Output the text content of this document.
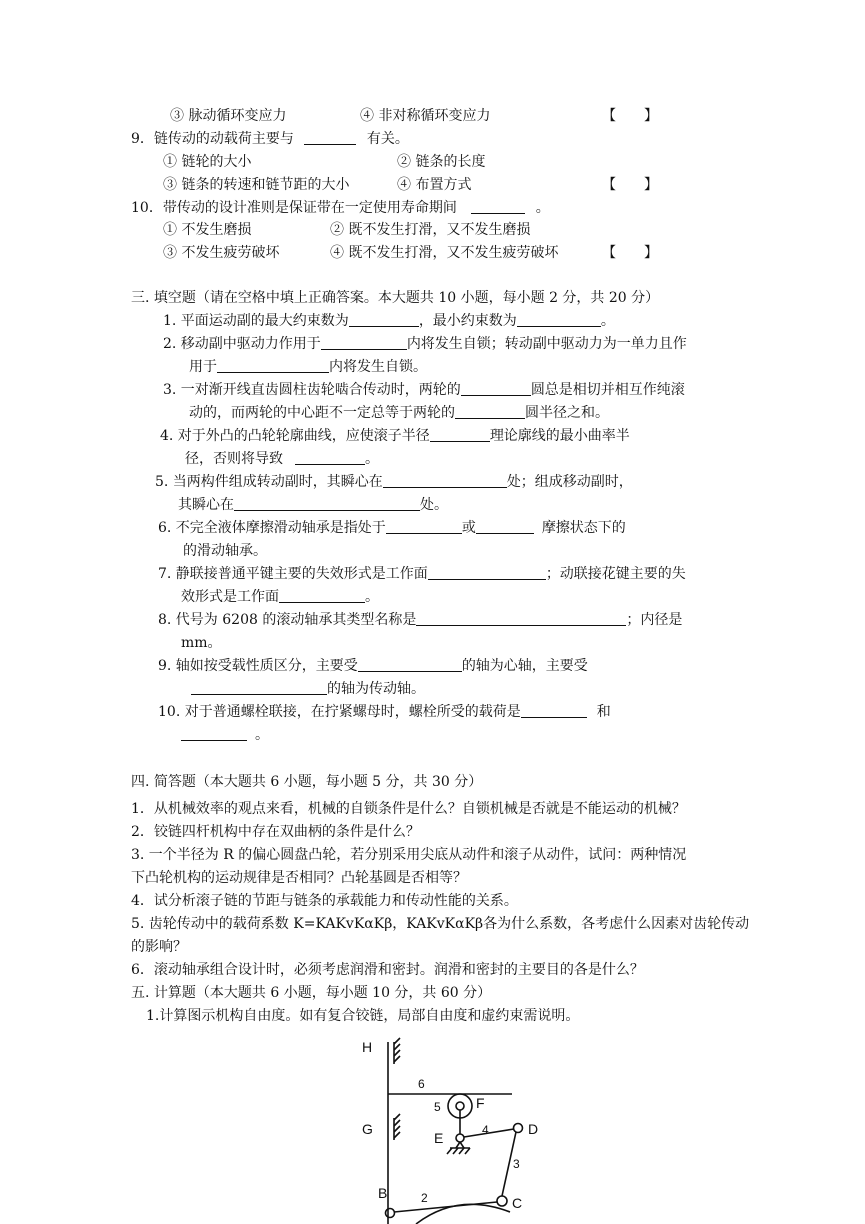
③ 脉动循环变应力	④ 非对称循环变应力	【　　】
9．链传动的动载荷主要与	有关。
① 链轮的大小	② 链条的长度
③ 链条的转速和链节距的大小	④ 布置方式	【　　】
10．带传动的设计准则是保证带在一定使用寿命期间	。
① 不发生磨损	② 既不发生打滑，又不发生磨损
③ 不发生疲劳破坏	④ 既不发生打滑，又不发生疲劳破坏	【　　】
三. 填空题（请在空格中填上正确答案。本大题共 10 小题，每小题 2 分，共 20 分）
1. 平面运动副的最大约束数为	，最小约束数为	。
2. 移动副中驱动力作用于	内将发生自锁；转动副中驱动力为一单力且作
用于	内将发生自锁。
3. 一对渐开线直齿圆柱齿轮啮合传动时，两轮的	圆总是相切并相互作纯滚
动的，而两轮的中心距不一定总等于两轮的	圆半径之和。
4. 对于外凸的凸轮轮廓曲线，应使滚子半径	理论廓线的最小曲率半
径，否则将导致	。
5. 当两构件组成转动副时，其瞬心在	处；组成移动副时，
其瞬心在	处。
6. 不完全液体摩擦滑动轴承是指处于	或	摩擦状态下的
的滑动轴承。
7. 静联接普通平键主要的失效形式是工作面	；动联接花键主要的失
效形式是工作面	。
8. 代号为 6208 的滚动轴承其类型名称是	；内径是
mm。
9. 轴如按受载性质区分，主要受	的轴为心轴，主要受
的轴为传动轴。
10. 对于普通螺栓联接，在拧紧螺母时，螺栓所受的载荷是	和
。
四. 简答题（本大题共 6 小题，每小题 5 分，共 30 分）
1．从机械效率的观点来看，机械的自锁条件是什么？自锁机械是否就是不能运动的机械？
2．铰链四杆机构中存在双曲柄的条件是什么？
3. 一个半径为 R 的偏心圆盘凸轮，若分别采用尖底从动件和滚子从动件，试问：两种情况
下凸轮机构的运动规律是否相同？凸轮基圆是否相等？
4．试分析滚子链的节距与链条的承载能力和传动性能的关系。
5. 齿轮传动中的载荷系数 K=KAKvKαKβ，KAKvKαKβ各为什么系数，各考虑什么因素对齿轮传动
的影响？
6．滚动轴承组合设计时，必须考虑润滑和密封。润滑和密封的主要目的各是什么？
五. 计算题（本大题共 6 小题，每小题 10 分，共 60 分）
1.计算图示机构自由度。如有复合铰链，局部自由度和虚约束需说明。
H
G
6
5	F
E	4	D
3
C
2
B
